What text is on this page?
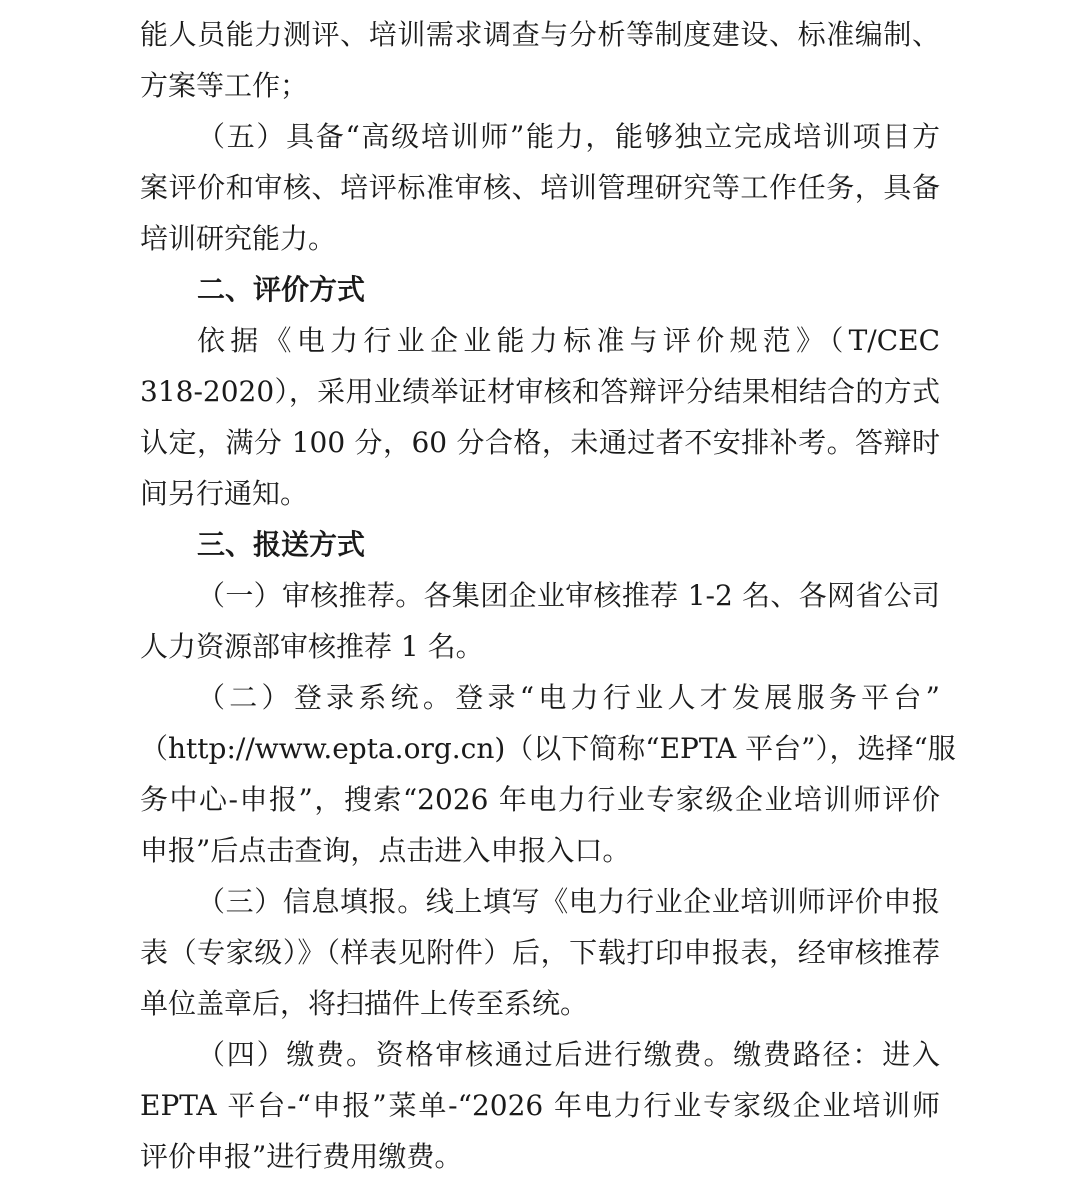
能人员能力测评、培训需求调查与分析等制度建设、标准编制、
方案等工作；
（五）具备“高级培训师”能力，能够独立完成培训项目方
案评价和审核、培评标准审核、培训管理研究等工作任务，具备
培训研究能力。
二、评价方式
依据《电力行业企业能力标准与评价规范》（T/CEC
318-2020），采用业绩举证材审核和答辩评分结果相结合的方式
认定，满分 100 分，60 分合格，未通过者不安排补考。答辩时
间另行通知。
三、报送方式
（一）审核推荐。各集团企业审核推荐 1-2 名、各网省公司
人力资源部审核推荐 1 名。
（二）登录系统。登录“电力行业人才发展服务平台”
（http://www.epta.org.cn)（以下简称“EPTA 平台”），选择“服
务中心-申报”，搜索“2026 年电力行业专家级企业培训师评价
申报”后点击查询，点击进入申报入口。
（三）信息填报。线上填写《电力行业企业培训师评价申报
表（专家级）》（样表见附件）后，下载打印申报表，经审核推荐
单位盖章后，将扫描件上传至系统。
（四）缴费。资格审核通过后进行缴费。缴费路径：进入
EPTA 平台-“申报”菜单-“2026 年电力行业专家级企业培训师
评价申报”进行费用缴费。
